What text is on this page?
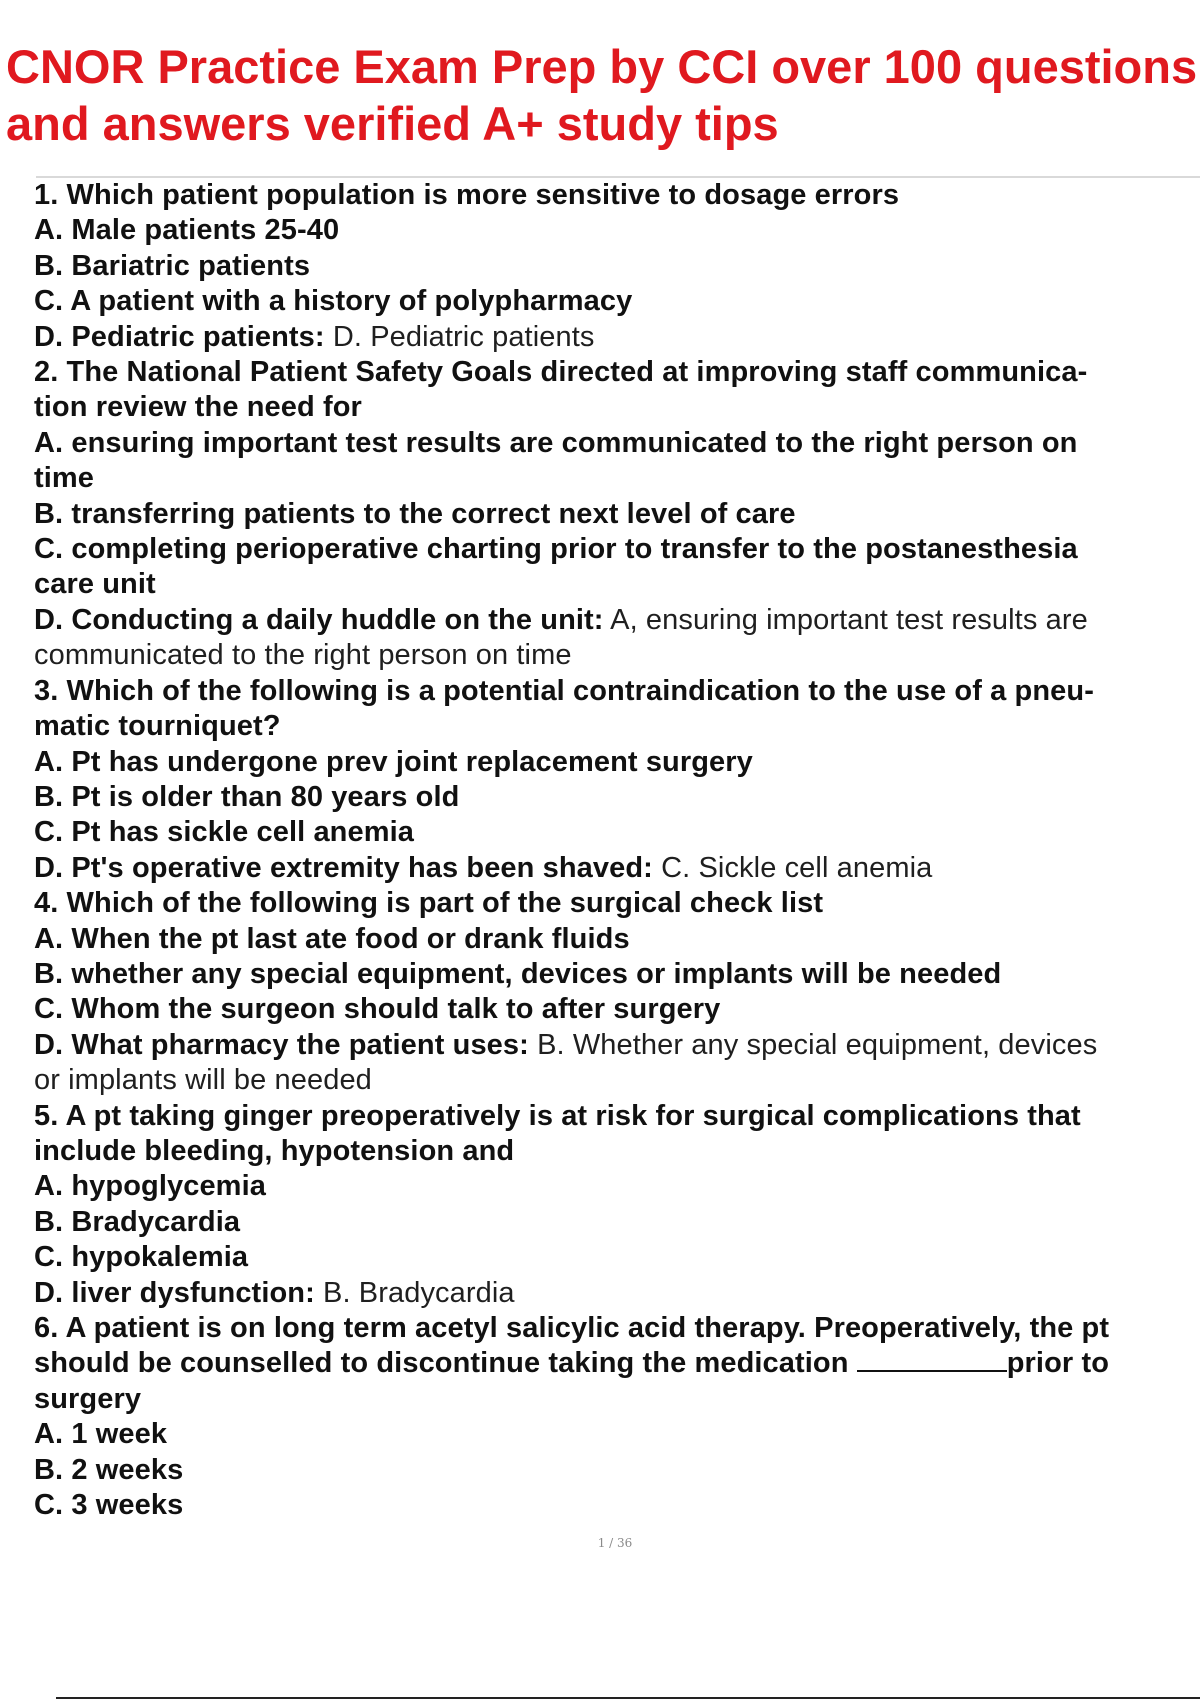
CNOR Practice Exam Prep by CCI over 100 questions
and answers verified A+ study tips
1. Which patient population is more sensitive to dosage errors
A. Male patients 25-40
B. Bariatric patients
C. A patient with a history of polypharmacy
D. Pediatric patients: D. Pediatric patients
2. The National Patient Safety Goals directed at improving staff communica-
tion review the need for
A. ensuring important test results are communicated to the right person on
time
B. transferring patients to the correct next level of care
C. completing perioperative charting prior to transfer to the postanesthesia
care unit
D. Conducting a daily huddle on the unit: A, ensuring important test results are
communicated to the right person on time
3. Which of the following is a potential contraindication to the use of a pneu-
matic tourniquet?
A. Pt has undergone prev joint replacement surgery
B. Pt is older than 80 years old
C. Pt has sickle cell anemia
D. Pt's operative extremity has been shaved: C. Sickle cell anemia
4. Which of the following is part of the surgical check list
A. When the pt last ate food or drank fluids
B. whether any special equipment, devices or implants will be needed
C. Whom the surgeon should talk to after surgery
D. What pharmacy the patient uses: B. Whether any special equipment, devices
or implants will be needed
5. A pt taking ginger preoperatively is at risk for surgical complications that
include bleeding, hypotension and
A. hypoglycemia
B. Bradycardia
C. hypokalemia
D. liver dysfunction: B. Bradycardia
6. A patient is on long term acetyl salicylic acid therapy. Preoperatively, the pt
should be counselled to discontinue taking the medication	prior to
surgery
A. 1 week
B. 2 weeks
C. 3 weeks
1 / 36
